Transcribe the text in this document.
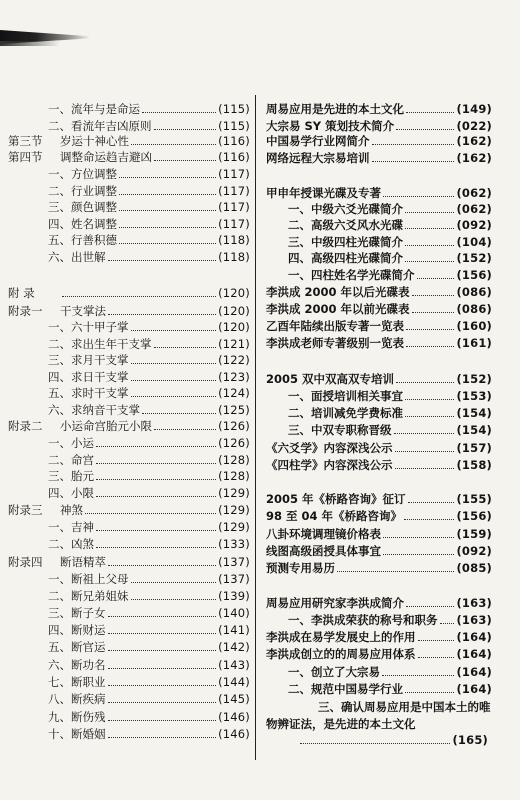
一、 流年与是命运	(115)
二、 看流年吉凶原则	(115)
第三节	岁运十神心性	(116)
第四节	调整命运趋吉避凶	(116)
一、 方位调整	(117)
二、 行业调整	(117)
三、 颜色调整	(117)
四、 姓名调整	(117)
五、 行善积德	(118)
六、 出世解	(118)
附 录	(120)
附录一	干支掌法	(120)
一、 六十甲子掌	(120)
二、 求出生年干支掌	(121)
三、 求月干支掌	(122)
四、 求日干支掌	(123)
五、 求时干支掌	(124)
六、 求纳音干支掌	(125)
附录二	小运命宫胎元小限	(126)
一、 小运	(126)
二、 命宫	(128)
三、 胎元	(128)
四、 小限	(129)
附录三	神煞	(129)
一、 吉神	(129)
二、 凶煞	(133)
附录四	断语精萃	(137)
一、 断祖上父母	(137)
二、 断兄弟姐妹	(139)
三、 断子女	(140)
四、 断财运	(141)
五、 断官运	(142)
六、 断功名	(143)
七、 断职业	(144)
八、 断疾病	(145)
九、 断伤残	(146)
十、 断婚姻	(146)
周易应用是先进的本土文化	(149)
大宗易 SY 策划技术简介	(022)
中国易学行业网简介	(162)
网络远程大宗易培训	(162)
甲申年授课光碟及专著	(062)
一、 中级六爻光碟简介	(062)
二、 高级六爻风水光碟	(092)
三、 中级四柱光碟简介	(104)
四、 高级四柱光碟简介	(152)
一、 四柱姓名学光碟简介	(156)
李洪成 2000 年以后光碟表	(086)
李洪成 2000 年以前光碟表	(086)
乙酉年陆续出版专著一览表	(160)
李洪成老师专著级别一览表	(161)
2005 双中双高双专培训	(152)
一、 面授培训相关事宜	(153)
二、 培训减免学费标准	(154)
三、 中双专职称晋级	(154)
《六爻学》内容深浅公示	(157)
《四柱学》内容深浅公示	(158)
2005 年《桥路咨询》征订	(155)
98 至 04 年《桥路咨询》	(156)
八卦环境调理镜价格表	(159)
线图高级函授具体事宜	(092)
预测专用易历	(085)
周易应用研究家李洪成简介	(163)
一、 李洪成荣获的称号和职务 (163)
李洪成在易学发展史上的作用	(164)
李洪成创立的的周易应用体系	(164)
一、 创立了大宗易	(164)
二、 规范中国易学行业	(164)
三、确认周易应用是中国本土的唯物辨证法，是先进的本土文化
(165)
